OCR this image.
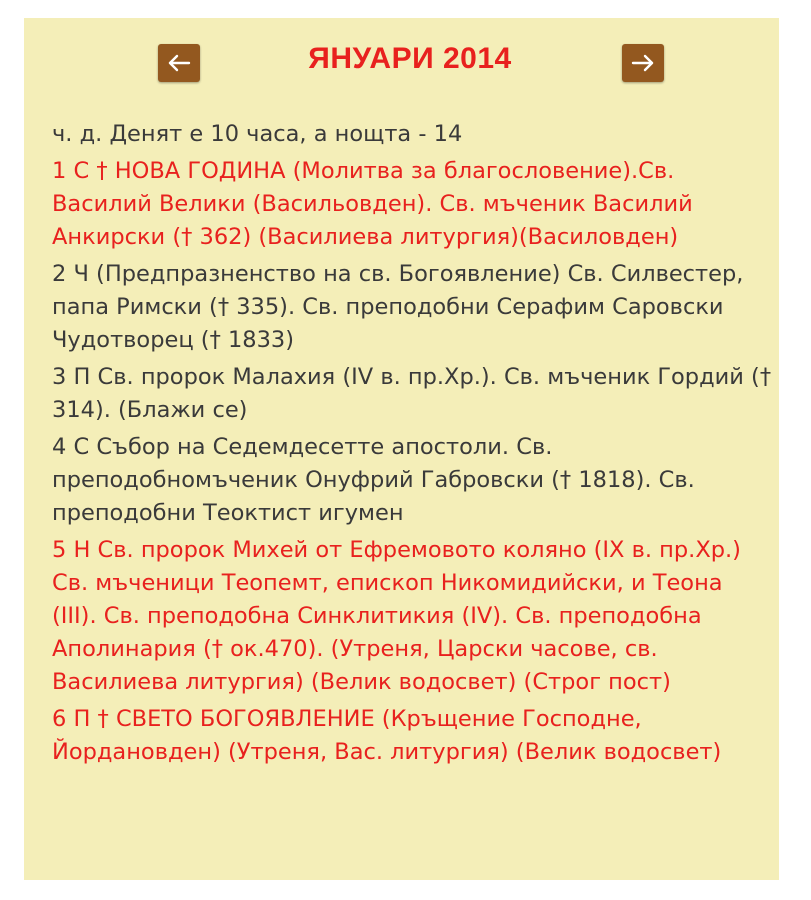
ЯНУАРИ 2014
ч. д. Денят е 10 часа, а нощта - 14
1 С † НОВА ГОДИНА (Молитва за благословение).Св. Василий Велики (Васильовден). Св. мъченик Василий Анкирски († 362) (Василиева литургия)(Василовден)
2 Ч (Предпразненство на св. Богоявление) Св. Силвестер, папа Римски († 335). Св. преподобни Серафим Саровски Чудотворец († 1833)
3 П Св. пророк Малахия (IV в. пр.Хр.). Св. мъченик Гордий († 314). (Блажи се)
4 С Събор на Седемдесетте апостоли. Св. преподобномъченик Онуфрий Габровски († 1818). Св. преподобни Теоктист игумен
5 Н Св. пророк Михей от Ефремовото коляно (IX в. пр.Хр.) Св. мъченици Теопемт, епископ Никомидийски, и Теона (III). Св. преподобна Синклитикия (IV). Св. преподобна Аполинария († ок.470). (Утреня, Царски часове, св. Василиева литургия) (Велик водосвет) (Строг пост)
6 П † СВЕТО БОГОЯВЛЕНИЕ (Кръщение Господне, Йордановден) (Утреня, Вас. литургия) (Велик водосвет)
